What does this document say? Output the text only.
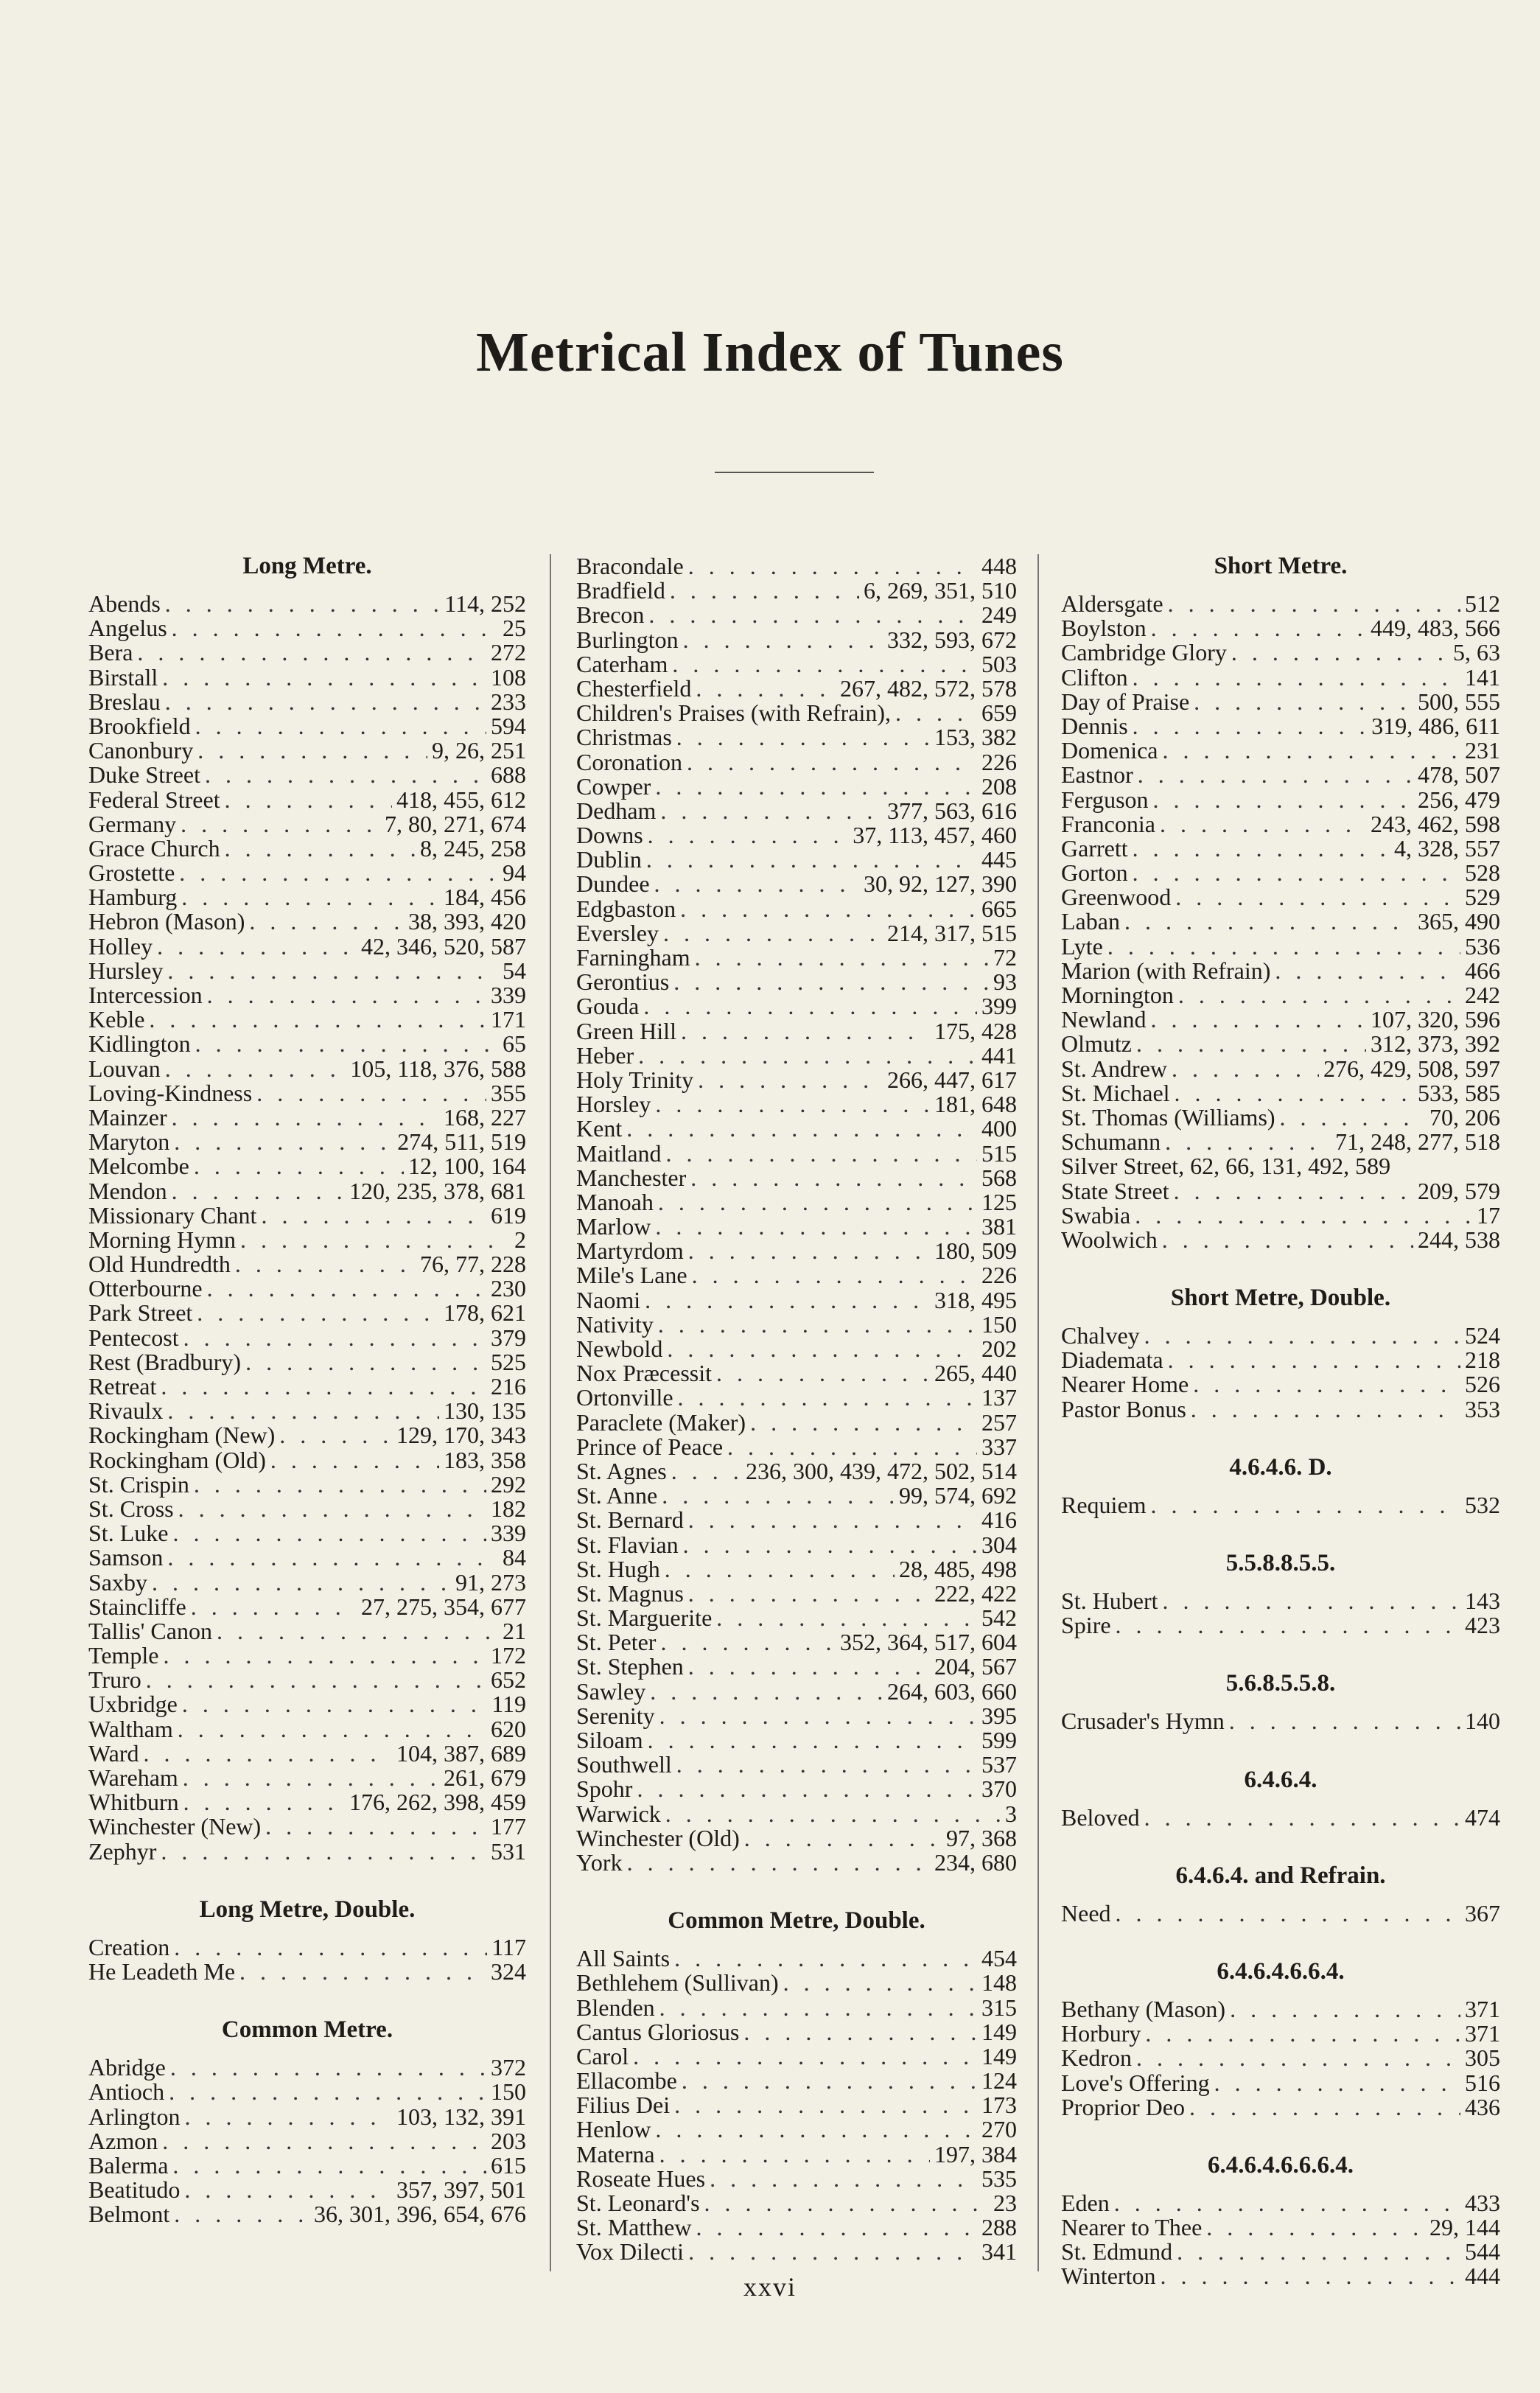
Metrical Index of Tunes
Long Metre.
Abends . . .	114, 252
Angelus . . .	25
Bera . . .	272
Birstall . . .	108
Breslau . . .	233
Brookfield . . .	594
Canonbury . . .	9, 26, 251
Duke Street . . .	688
Federal Street . . .	418, 455, 612
Germany . . .	7, 80, 271, 674
Grace Church . . .	8, 245, 258
Grostette . . .	94
Hamburg . . .	184, 456
Hebron (Mason) . . .	38, 393, 420
Holley . . .	42, 346, 520, 587
Hursley . . .	54
Intercession . . .	339
Keble . . .	171
Kidlington . . .	65
Louvan . . .	105, 118, 376, 588
Loving-Kindness . . .	355
Mainzer . . .	168, 227
Maryton . . .	274, 511, 519
Melcombe . . .	12, 100, 164
Mendon . . .	120, 235, 378, 681
Missionary Chant . . .	619
Morning Hymn . . .	2
Old Hundredth . . .	76, 77, 228
Otterbourne . . .	230
Park Street . . .	178, 621
Pentecost . . .	379
Rest (Bradbury) . . .	525
Retreat . . .	216
Rivaulx . . .	130, 135
Rockingham (New) . . .	129, 170, 343
Rockingham (Old) . . .	183, 358
St. Crispin . . .	292
St. Cross . . .	182
St. Luke . . .	339
Samson . . .	84
Saxby . . .	91, 273
Staincliffe . . .	27, 275, 354, 677
Tallis' Canon . . .	21
Temple . . .	172
Truro . . .	652
Uxbridge . . .	119
Waltham . . .	620
Ward . . .	104, 387, 689
Wareham . . .	261, 679
Whitburn . . .	176, 262, 398, 459
Winchester (New) . . .	177
Zephyr . . .	531
Long Metre, Double.
Creation . . .	117
He Leadeth Me . . .	324
Common Metre.
Abridge . . .	372
Antioch . . .	150
Arlington . . .	103, 132, 391
Azmon . . .	203
Balerma . . .	615
Beatitudo . . .	357, 397, 501
Belmont . . .	36, 301, 396, 654, 676
Bracondale . . .	448
Bradfield . . .	6, 269, 351, 510
Brecon . . .	249
Burlington . . .	332, 593, 672
Caterham . . .	503
Chesterfield . . .	267, 482, 572, 578
Children's Praises (with Refrain), . . .	659
Christmas . . .	153, 382
Coronation . . .	226
Cowper . . .	208
Dedham . . .	377, 563, 616
Downs . . .	37, 113, 457, 460
Dublin . . .	445
Dundee . . .	30, 92, 127, 390
Edgbaston . . .	665
Eversley . . .	214, 317, 515
Farningham . . .	72
Gerontius . . .	93
Gouda . . .	399
Green Hill . . .	175, 428
Heber . . .	441
Holy Trinity . . .	266, 447, 617
Horsley . . .	181, 648
Kent . . .	400
Maitland . . .	515
Manchester . . .	568
Manoah . . .	125
Marlow . . .	381
Martyrdom . . .	180, 509
Mile's Lane . . .	226
Naomi . . .	318, 495
Nativity . . .	150
Newbold . . .	202
Nox Præcessit . . .	265, 440
Ortonville . . .	137
Paraclete (Maker) . . .	257
Prince of Peace . . .	337
St. Agnes . . .	236, 300, 439, 472, 502, 514
St. Anne . . .	99, 574, 692
St. Bernard . . .	416
St. Flavian . . .	304
St. Hugh . . .	28, 485, 498
St. Magnus . . .	222, 422
St. Marguerite . . .	542
St. Peter . . .	352, 364, 517, 604
St. Stephen . . .	204, 567
Sawley . . .	264, 603, 660
Serenity . . .	395
Siloam . . .	599
Southwell . . .	537
Spohr . . .	370
Warwick . . .	3
Winchester (Old) . . .	97, 368
York . . .	234, 680
Common Metre, Double.
All Saints . . .	454
Bethlehem (Sullivan) . . .	148
Blenden . . .	315
Cantus Gloriosus . . .	149
Carol . . .	149
Ellacombe . . .	124
Filius Dei . . .	173
Henlow . . .	270
Materna . . .	197, 384
Roseate Hues . . .	535
St. Leonard's . . .	23
St. Matthew . . .	288
Vox Dilecti . . .	341
Short Metre.
Aldersgate . . .	512
Boylston . . .	449, 483, 566
Cambridge Glory . . .	5, 63
Clifton . . .	141
Day of Praise . . .	500, 555
Dennis . . .	319, 486, 611
Domenica . . .	231
Eastnor . . .	478, 507
Ferguson . . .	256, 479
Franconia . . .	243, 462, 598
Garrett . . .	4, 328, 557
Gorton . . .	528
Greenwood . . .	529
Laban . . .	365, 490
Lyte . . .	536
Marion (with Refrain) . . .	466
Mornington . . .	242
Newland . . .	107, 320, 596
Olmutz . . .	312, 373, 392
St. Andrew . . .	276, 429, 508, 597
St. Michael . . .	533, 585
St. Thomas (Williams) . . .	70, 206
Schumann . . .	71, 248, 277, 518
Silver Street, 62, 66, 131, 492, 589
State Street . . .	209, 579
Swabia . . .	17
Woolwich . . .	244, 538
Short Metre, Double.
Chalvey . . .	524
Diademata . . .	218
Nearer Home . . .	526
Pastor Bonus . . .	353
4.6.4.6. D.
Requiem . . .	532
5.5.8.8.5.5.
St. Hubert . . .	143
Spire . . .	423
5.6.8.5.5.8.
Crusader's Hymn . . .	140
6.4.6.4.
Beloved . . .	474
6.4.6.4. and Refrain.
Need . . .	367
6.4.6.4.6.6.4.
Bethany (Mason) . . .	371
Horbury . . .	371
Kedron . . .	305
Love's Offering . . .	516
Proprior Deo . . .	436
6.4.6.4.6.6.6.4.
Eden . . .	433
Nearer to Thee . . .	29, 144
St. Edmund . . .	544
Winterton . . .	444
xxvi
